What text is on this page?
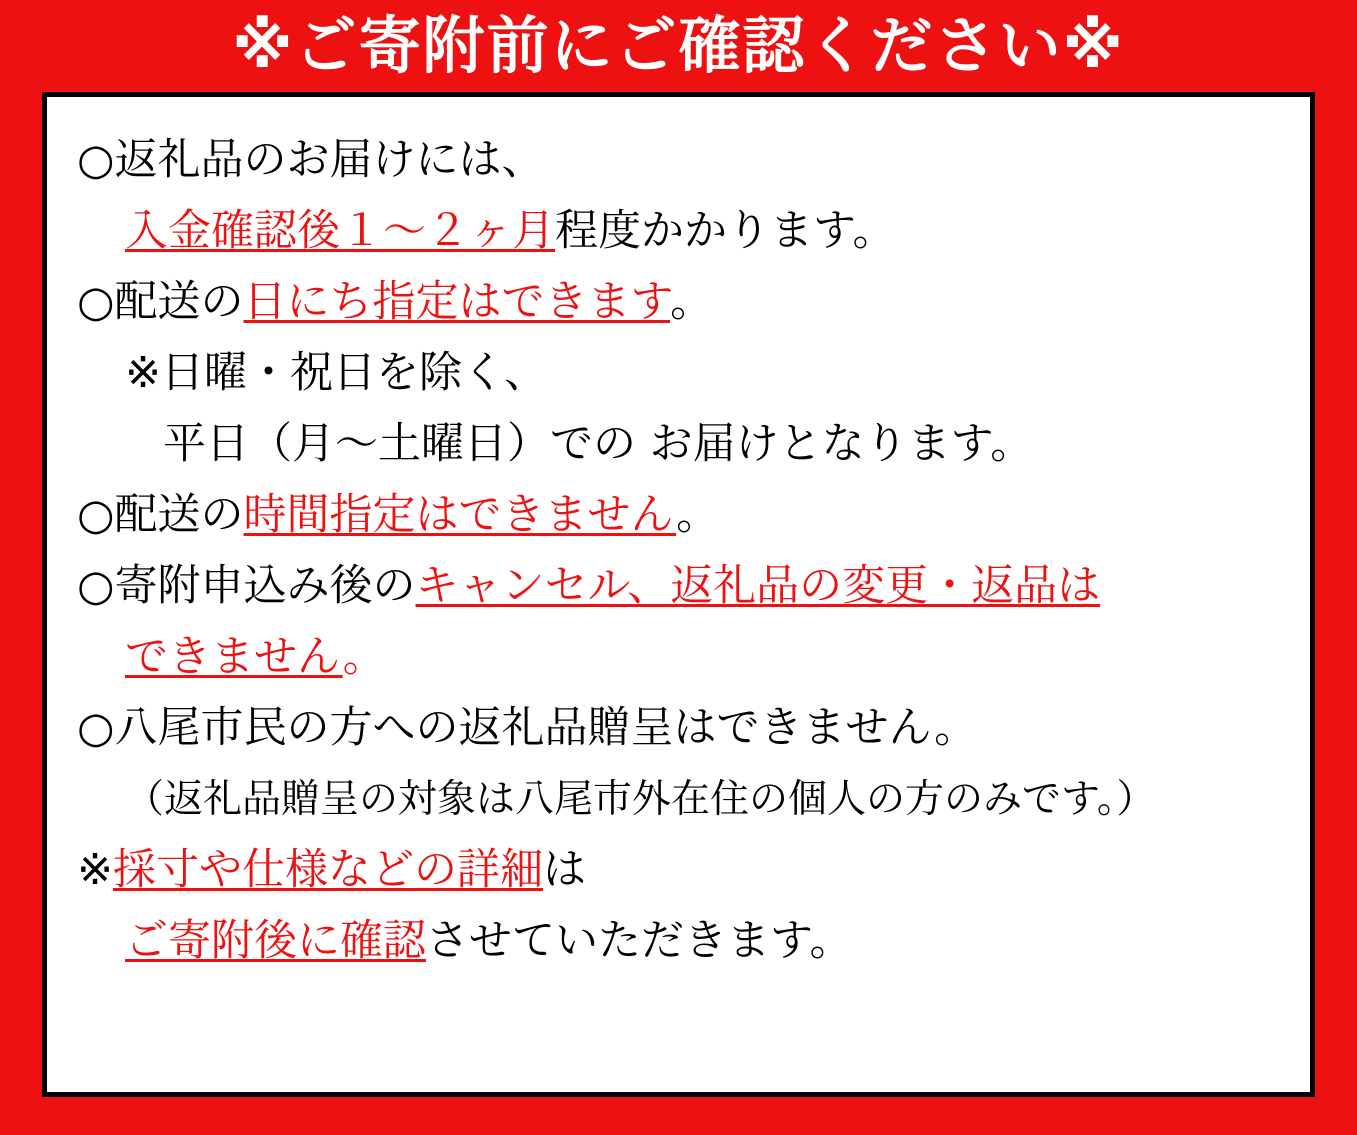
※ご寄附前にご確認ください※
○返礼品のお届けには、
入金確認後１～２ヶ月程度かかります。
○配送の日にち指定はできます。
※日曜・祝日を除く、
平日（月～土曜日）での お届けとなります。
○配送の時間指定はできません。
○寄附申込み後のキャンセル、返礼品の変更・返品は
できません。
○八尾市民の方への返礼品贈呈はできません。
（返礼品贈呈の対象は八尾市外在住の個人の方のみです。）
※採寸や仕様などの詳細は
ご寄附後に確認させていただきます。
